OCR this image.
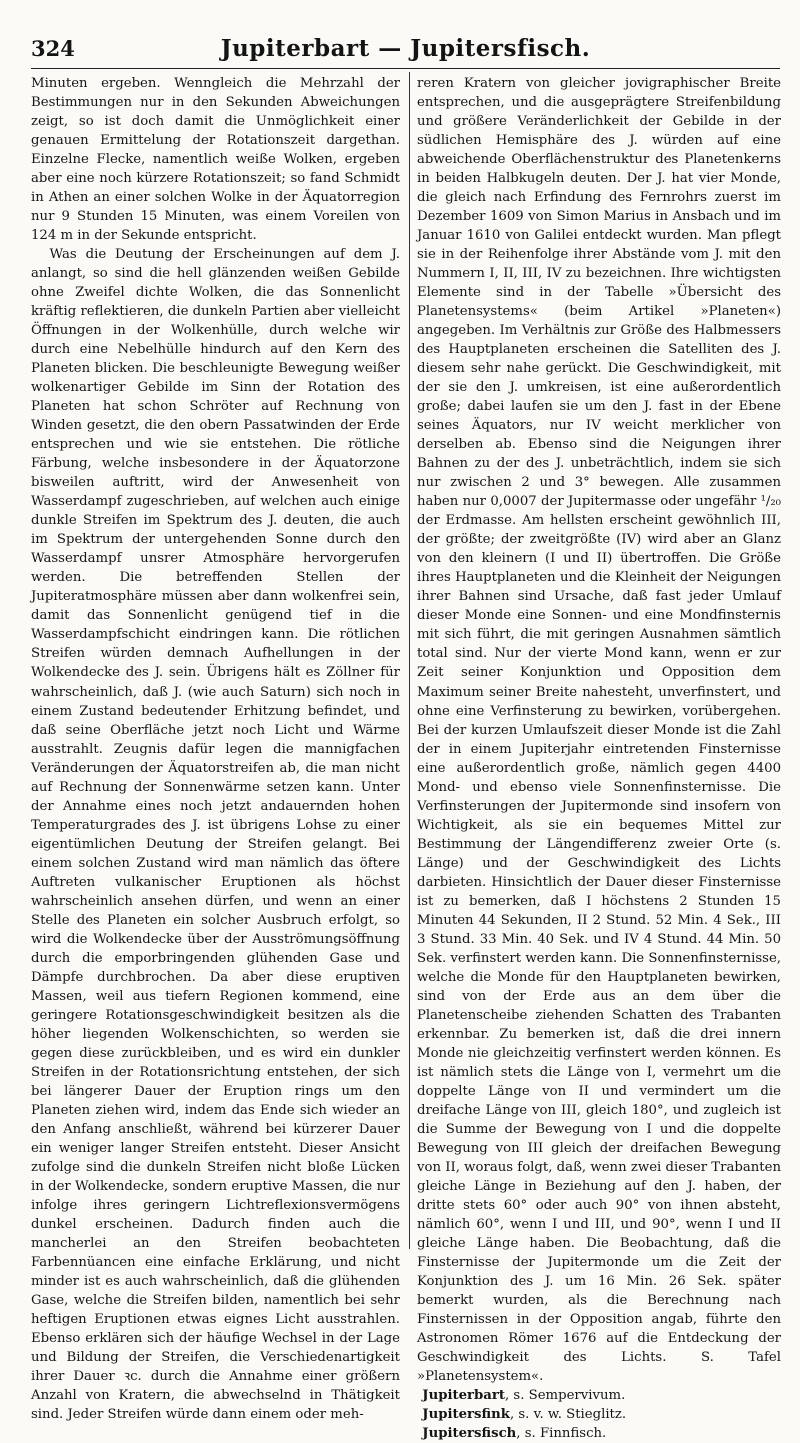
324	Jupiterbart — Jupitersfisch.

Minuten ergeben. Wenngleich die Mehrzahl der Bestimmungen nur in den Sekunden Abweichungen zeigt, so ist doch damit die Unmöglichkeit einer genauen Ermittelung der Rotationszeit dargethan. Einzelne Flecke, namentlich weiße Wolken, ergeben aber eine noch kürzere Rotationszeit; so fand Schmidt in Athen an einer solchen Wolke in der Äquatorregion nur 9 Stunden 15 Minuten, was einem Voreilen von 124 m in der Sekunde entspricht.

Was die Deutung der Erscheinungen auf dem J. anlangt, so sind die hell glänzenden weißen Gebilde ohne Zweifel dichte Wolken, die das Sonnenlicht kräftig reflektieren, die dunkeln Partien aber vielleicht Öffnungen in der Wolkenhülle, durch welche wir durch eine Nebelhülle hindurch auf den Kern des Planeten blicken. Die beschleunigte Bewegung weißer wolkenartiger Gebilde im Sinn der Rotation des Planeten hat schon Schröter auf Rechnung von Winden gesetzt, die den obern Passatwinden der Erde entsprechen und wie sie entstehen. Die rötliche Färbung, welche insbesondere in der Äquatorzone bisweilen auftritt, wird der Anwesenheit von Wasserdampf zugeschrieben, auf welchen auch einige dunkle Streifen im Spektrum des J. deuten, die auch im Spektrum der untergehenden Sonne durch den Wasserdampf unsrer Atmosphäre hervorgerufen werden. Die betreffenden Stellen der Jupiteratmosphäre müssen aber dann wolkenfrei sein, damit das Sonnenlicht genügend tief in die Wasserdampfschicht eindringen kann. Die rötlichen Streifen würden demnach Aufhellungen in der Wolkendecke des J. sein. Übrigens hält es Zöllner für wahrscheinlich, daß J. (wie auch Saturn) sich noch in einem Zustand bedeutender Erhitzung befindet, und daß seine Oberfläche jetzt noch Licht und Wärme ausstrahlt. Zeugnis dafür legen die mannigfachen Veränderungen der Äquatorstreifen ab, die man nicht auf Rechnung der Sonnenwärme setzen kann. Unter der Annahme eines noch jetzt andauernden hohen Temperaturgrades des J. ist übrigens Lohse zu einer eigentümlichen Deutung der Streifen gelangt. Bei einem solchen Zustand wird man nämlich das öftere Auftreten vulkanischer Eruptionen als höchst wahrscheinlich ansehen dürfen, und wenn an einer Stelle des Planeten ein solcher Ausbruch erfolgt, so wird die Wolkendecke über der Ausströmungsöffnung durch die emporbringenden glühenden Gase und Dämpfe durchbrochen. Da aber diese eruptiven Massen, weil aus tiefern Regionen kommend, eine geringere Rotationsgeschwindigkeit besitzen als die höher liegenden Wolkenschichten, so werden sie gegen diese zurückbleiben, und es wird ein dunkler Streifen in der Rotationsrichtung entstehen, der sich bei längerer Dauer der Eruption rings um den Planeten ziehen wird, indem das Ende sich wieder an den Anfang anschließt, während bei kürzerer Dauer ein weniger langer Streifen entsteht. Dieser Ansicht zufolge sind die dunkeln Streifen nicht bloße Lücken in der Wolkendecke, sondern eruptive Massen, die nur infolge ihres geringern Lichtreflexionsvermögens dunkel erscheinen. Dadurch finden auch die mancherlei an den Streifen beobachteten Farbennüancen eine einfache Erklärung, und nicht minder ist es auch wahrscheinlich, daß die glühenden Gase, welche die Streifen bilden, namentlich bei sehr heftigen Eruptionen etwas eignes Licht ausstrahlen. Ebenso erklären sich der häufige Wechsel in der Lage und Bildung der Streifen, die Verschiedenartigkeit ihrer Dauer ꝛc. durch die Annahme einer größern Anzahl von Kratern, die abwechselnd in Thätigkeit sind. Jeder Streifen würde dann einem oder meh-

reren Kratern von gleicher jovigraphischer Breite entsprechen, und die ausgeprägtere Streifenbildung und größere Veränderlichkeit der Gebilde in der südlichen Hemisphäre des J. würden auf eine abweichende Oberflächenstruktur des Planetenkerns in beiden Halbkugeln deuten. Der J. hat vier Monde, die gleich nach Erfindung des Fernrohrs zuerst im Dezember 1609 von Simon Marius in Ansbach und im Januar 1610 von Galilei entdeckt wurden. Man pflegt sie in der Reihenfolge ihrer Abstände vom J. mit den Nummern I, II, III, IV zu bezeichnen. Ihre wichtigsten Elemente sind in der Tabelle »Übersicht des Planetensystems« (beim Artikel »Planeten«) angegeben. Im Verhältnis zur Größe des Halbmessers des Hauptplaneten erscheinen die Satelliten des J. diesem sehr nahe gerückt. Die Geschwindigkeit, mit der sie den J. umkreisen, ist eine außerordentlich große; dabei laufen sie um den J. fast in der Ebene seines Äquators, nur IV weicht merklicher von derselben ab. Ebenso sind die Neigungen ihrer Bahnen zu der des J. unbeträchtlich, indem sie sich nur zwischen 2 und 3° bewegen. Alle zusammen haben nur 0,0007 der Jupitermasse oder ungefähr ¹/₂₀ der Erdmasse. Am hellsten erscheint gewöhnlich III, der größte; der zweitgrößte (IV) wird aber an Glanz von den kleinern (I und II) übertroffen. Die Größe ihres Hauptplaneten und die Kleinheit der Neigungen ihrer Bahnen sind Ursache, daß fast jeder Umlauf dieser Monde eine Sonnen- und eine Mondfinsternis mit sich führt, die mit geringen Ausnahmen sämtlich total sind. Nur der vierte Mond kann, wenn er zur Zeit seiner Konjunktion und Opposition dem Maximum seiner Breite nahesteht, unverfinstert, und ohne eine Verfinsterung zu bewirken, vorübergehen. Bei der kurzen Umlaufszeit dieser Monde ist die Zahl der in einem Jupiterjahr eintretenden Finsternisse eine außerordentlich große, nämlich gegen 4400 Mond- und ebenso viele Sonnenfinsternisse. Die Verfinsterungen der Jupitermonde sind insofern von Wichtigkeit, als sie ein bequemes Mittel zur Bestimmung der Längendifferenz zweier Orte (s. Länge) und der Geschwindigkeit des Lichts darbieten. Hinsichtlich der Dauer dieser Finsternisse ist zu bemerken, daß I höchstens 2 Stunden 15 Minuten 44 Sekunden, II 2 Stund. 52 Min. 4 Sek., III 3 Stund. 33 Min. 40 Sek. und IV 4 Stund. 44 Min. 50 Sek. verfinstert werden kann. Die Sonnenfinsternisse, welche die Monde für den Hauptplaneten bewirken, sind von der Erde aus an dem über die Planetenscheibe ziehenden Schatten des Trabanten erkennbar. Zu bemerken ist, daß die drei innern Monde nie gleichzeitig verfinstert werden können. Es ist nämlich stets die Länge von I, vermehrt um die doppelte Länge von II und vermindert um die dreifache Länge von III, gleich 180°, und zugleich ist die Summe der Bewegung von I und die doppelte Bewegung von III gleich der dreifachen Bewegung von II, woraus folgt, daß, wenn zwei dieser Trabanten gleiche Länge in Beziehung auf den J. haben, der dritte stets 60° oder auch 90° von ihnen absteht, nämlich 60°, wenn I und III, und 90°, wenn I und II gleiche Länge haben. Die Beobachtung, daß die Finsternisse der Jupitermonde um die Zeit der Konjunktion des J. um 16 Min. 26 Sek. später bemerkt wurden, als die Berechnung nach Finsternissen in der Opposition angab, führte den Astronomen Römer 1676 auf die Entdeckung der Geschwindigkeit des Lichts. S. Tafel »Planetensystem«.

Jupiterbart, s. Sempervivum.

Jupitersfink, s. v. w. Stieglitz.

Jupitersfisch, s. Finnfisch.
